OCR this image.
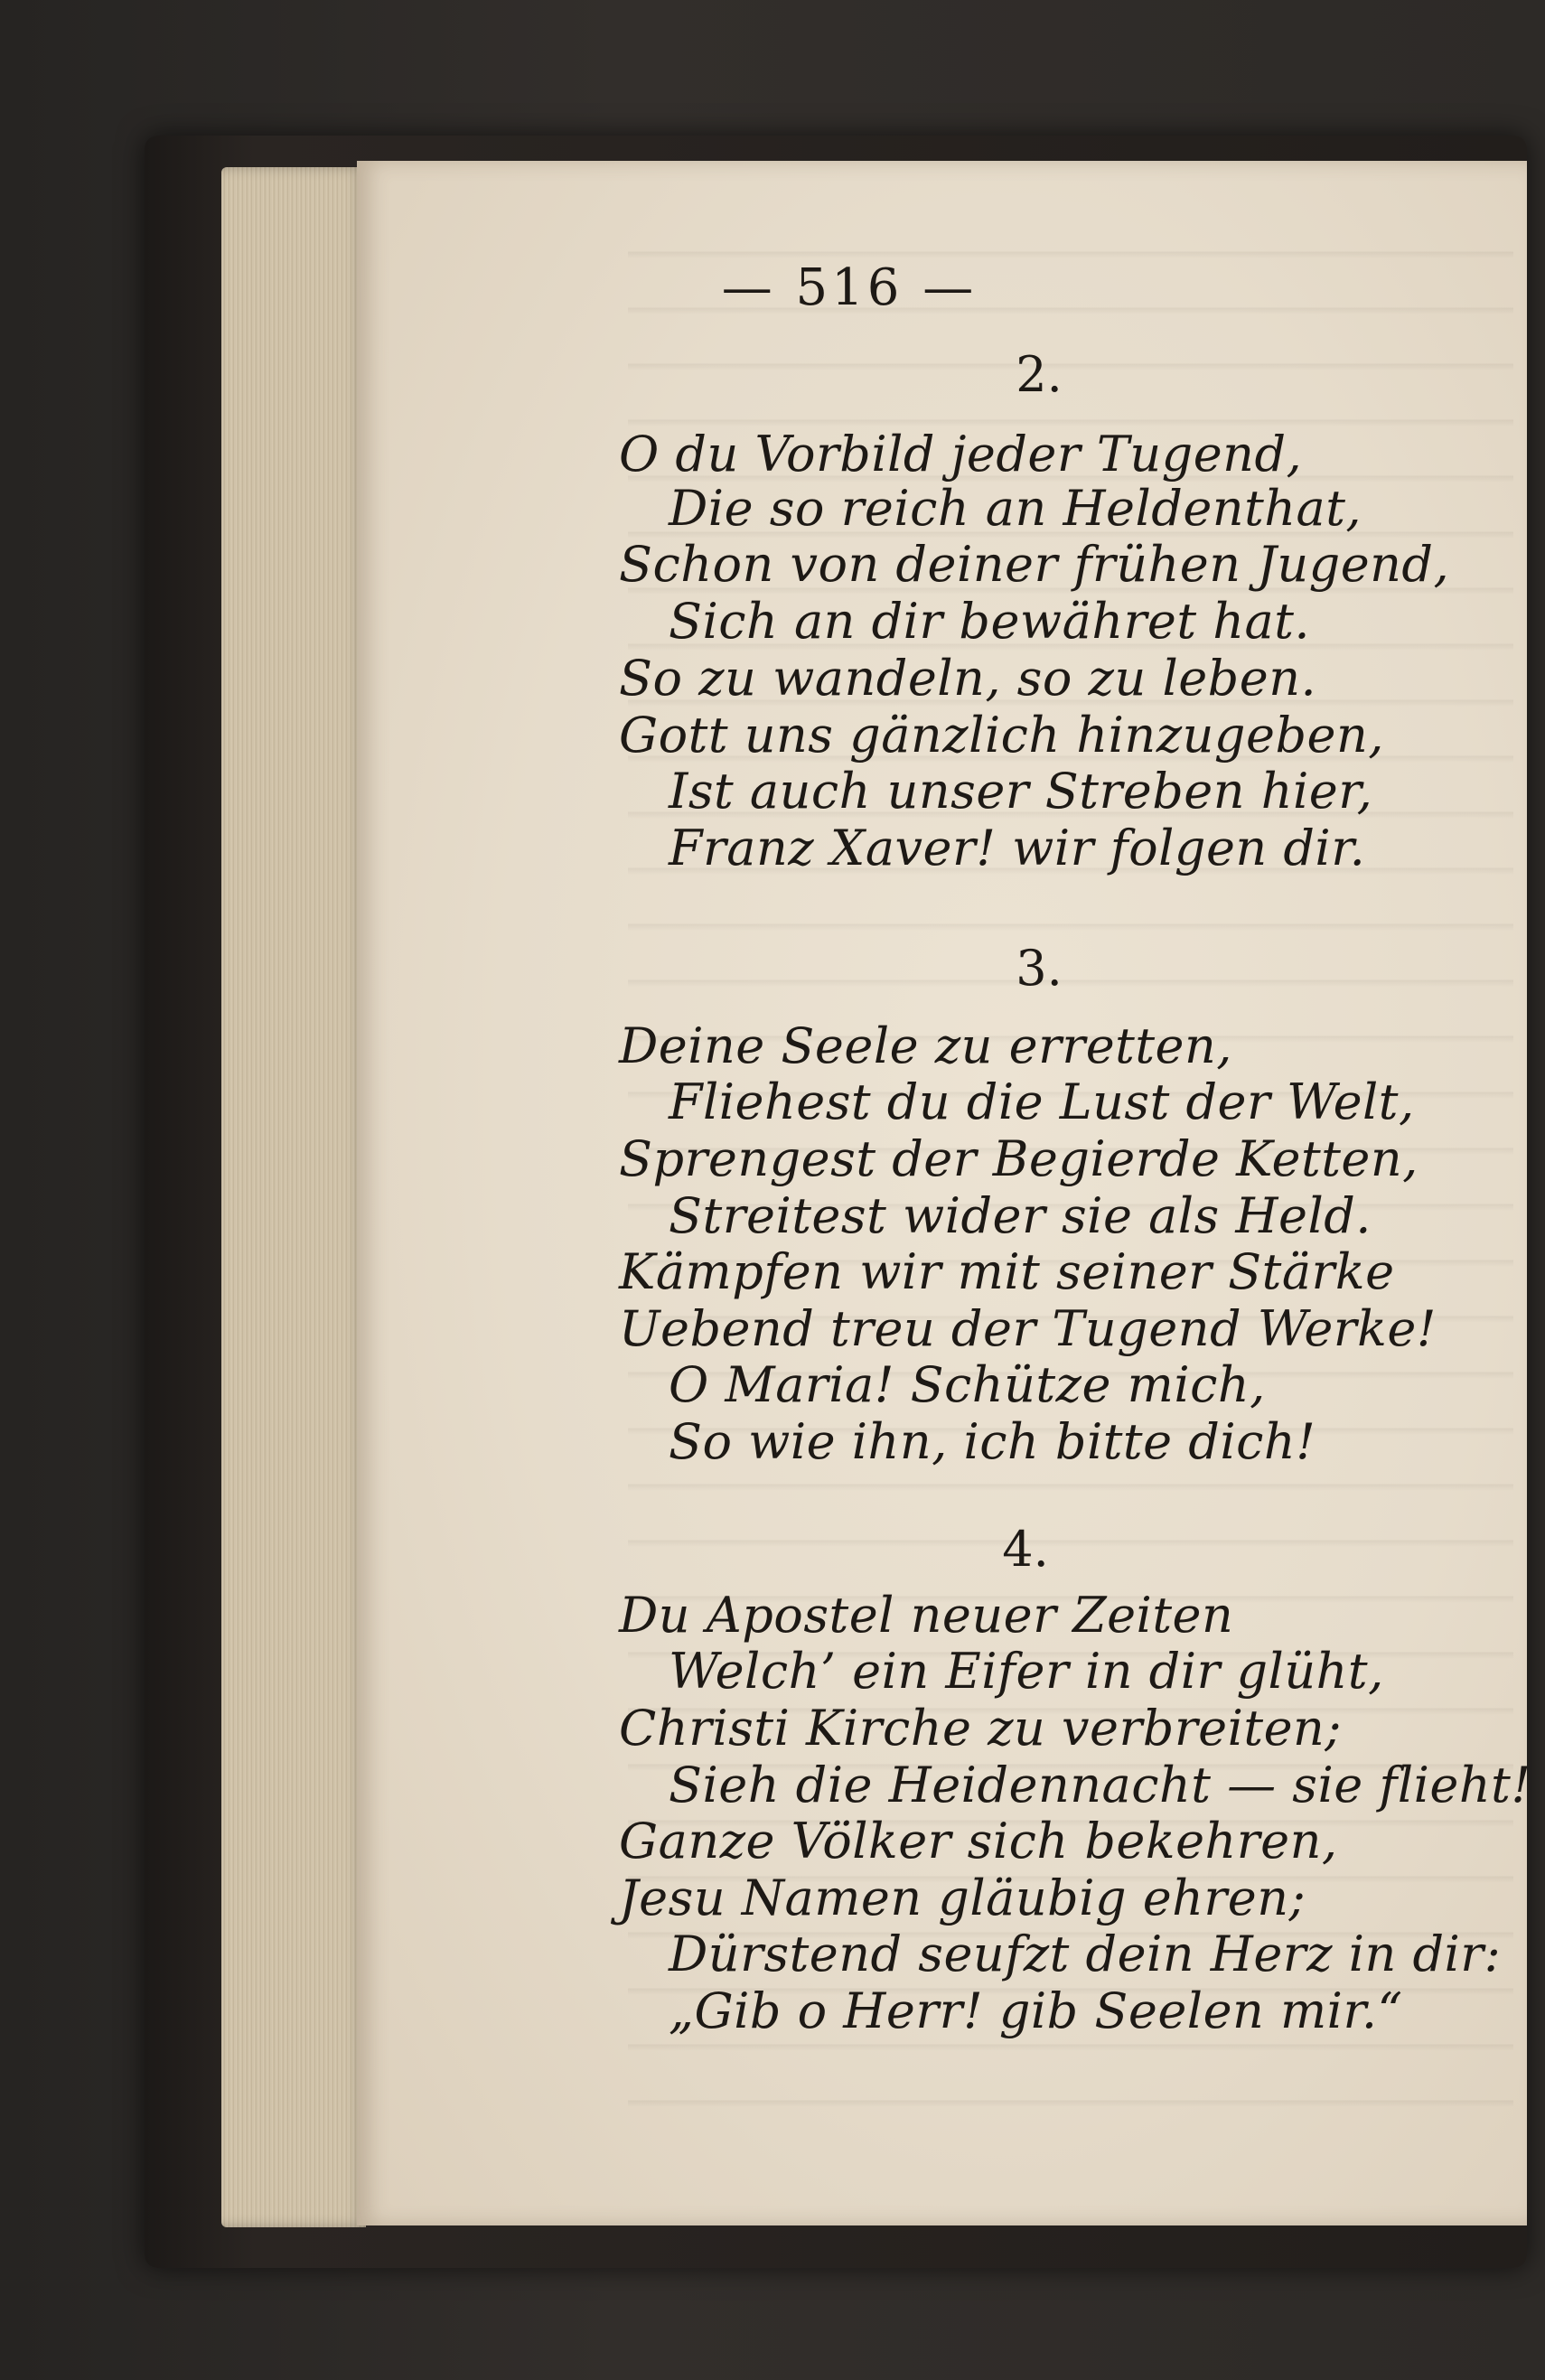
— 516 —
2.
O du Vorbild jeder Tugend,
Die so reich an Heldenthat,
Schon von deiner frühen Jugend,
Sich an dir bewähret hat.
So zu wandeln, so zu leben.
Gott uns gänzlich hinzugeben,
Ist auch unser Streben hier,
Franz Xaver! wir folgen dir.
3.
Deine Seele zu erretten,
Fliehest du die Lust der Welt,
Sprengest der Begierde Ketten,
Streitest wider sie als Held.
Kämpfen wir mit seiner Stärke
Uebend treu der Tugend Werke!
O Maria! Schütze mich,
So wie ihn, ich bitte dich!
4.
Du Apostel neuer Zeiten
Welch’ ein Eifer in dir glüht,
Christi Kirche zu verbreiten;
Sieh die Heidennacht — sie flieht!
Ganze Völker sich bekehren,
Jesu Namen gläubig ehren;
Dürstend seufzt dein Herz in dir:
„Gib o Herr! gib Seelen mir.“
